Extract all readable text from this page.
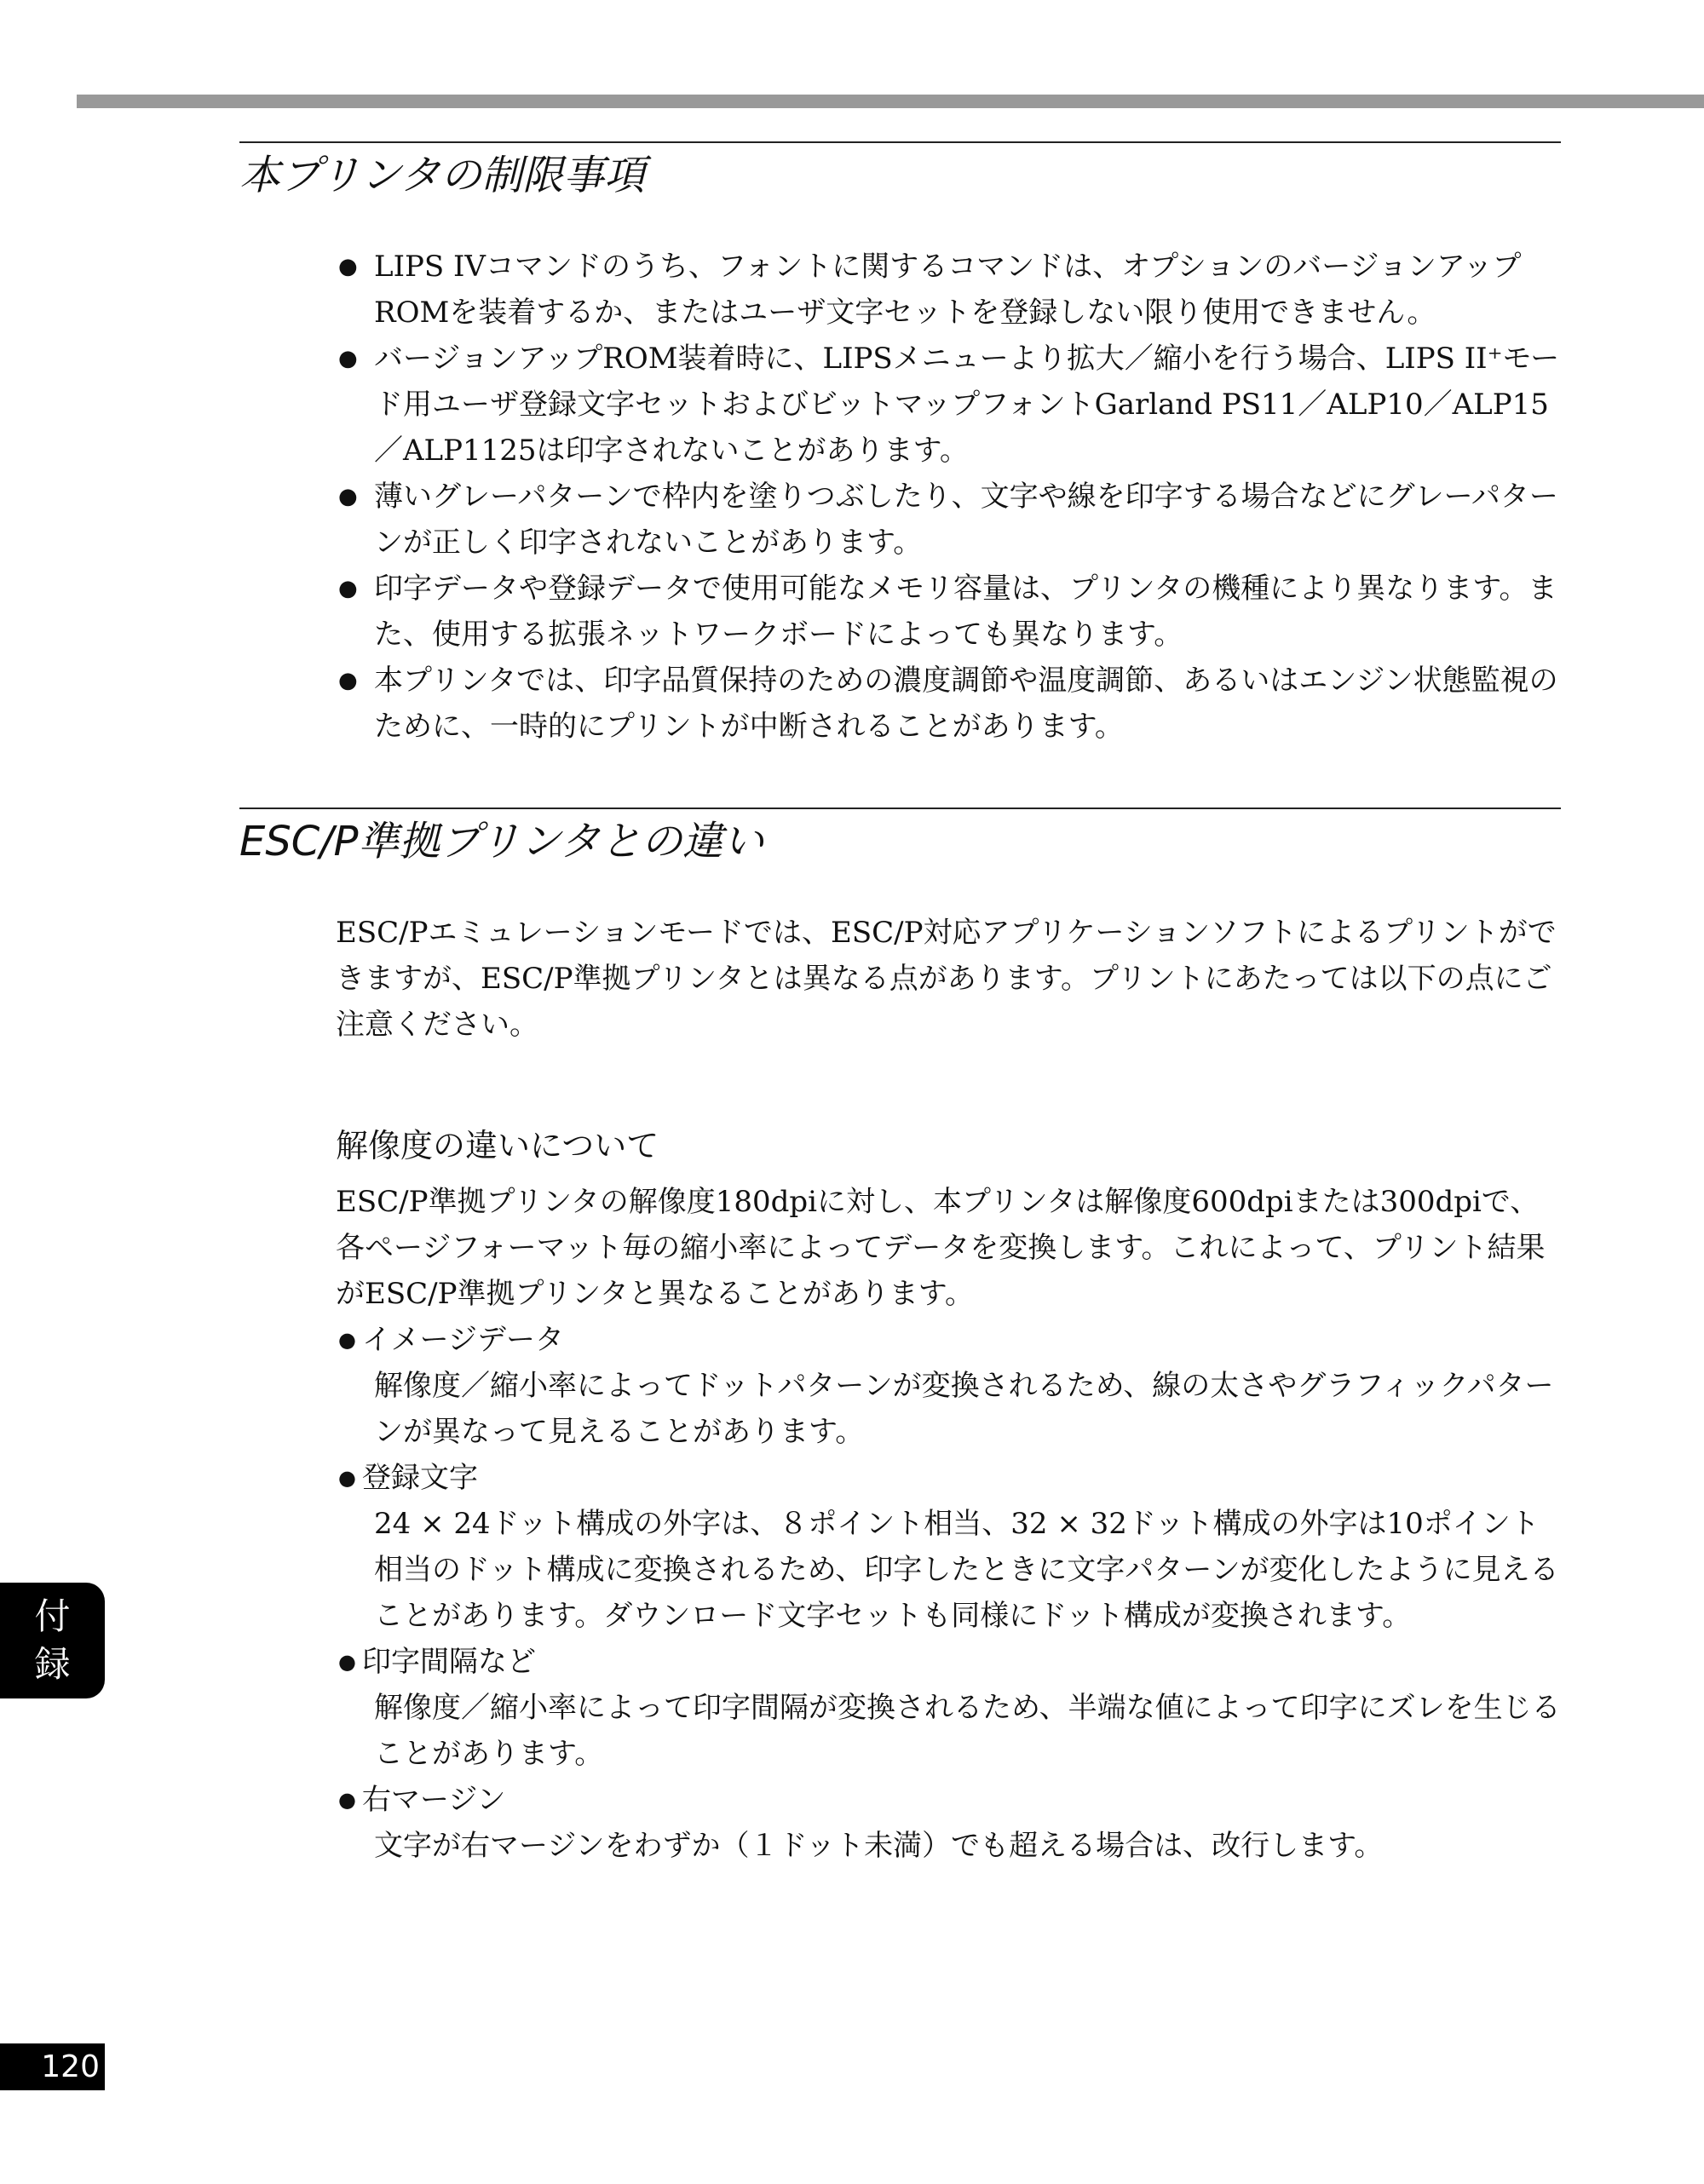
本プリンタの制限事項
● LIPS IVコマンドのうち、フォントに関するコマンドは、オプションのバージョンアップROMを装着するか、またはユーザ文字セットを登録しない限り使用できません。
● バージョンアップROM装着時に、LIPSメニューより拡大／縮小を行う場合、LIPS II⁺モード用ユーザ登録文字セットおよびビットマップフォントGarland PS11／ALP10／ALP15／ALP1125は印字されないことがあります。
● 薄いグレーパターンで枠内を塗りつぶしたり、文字や線を印字する場合などにグレーパターンが正しく印字されないことがあります。
● 印字データや登録データで使用可能なメモリ容量は、プリンタの機種により異なります。また、使用する拡張ネットワークボードによっても異なります。
● 本プリンタでは、印字品質保持のための濃度調節や温度調節、あるいはエンジン状態監視のために、一時的にプリントが中断されることがあります。
ESC/P準拠プリンタとの違い

ESC/Pエミュレーションモードでは、ESC/P対応アプリケーションソフトによるプリントができますが、ESC/P準拠プリンタとは異なる点があります。プリントにあたっては以下の点にご注意ください。

解像度の違いについて

ESC/P準拠プリンタの解像度180dpiに対し、本プリンタは解像度600dpiまたは300dpiで、各ページフォーマット毎の縮小率によってデータを変換します。これによって、プリント結果がESC/P準拠プリンタと異なることがあります。

● イメージデータ
解像度／縮小率によってドットパターンが変換されるため、線の太さやグラフィックパターンが異なって見えることがあります。
● 登録文字
24 × 24ドット構成の外字は、８ポイント相当、32 × 32ドット構成の外字は10ポイント相当のドット構成に変換されるため、印字したときに文字パターンが変化したように見えることがあります。ダウンロード文字セットも同様にドット構成が変換されます。
● 印字間隔など
解像度／縮小率によって印字間隔が変換されるため、半端な値によって印字にズレを生じることがあります。
● 右マージン
文字が右マージンをわずか（１ドット未満）でも超える場合は、改行します。
付
録
120
